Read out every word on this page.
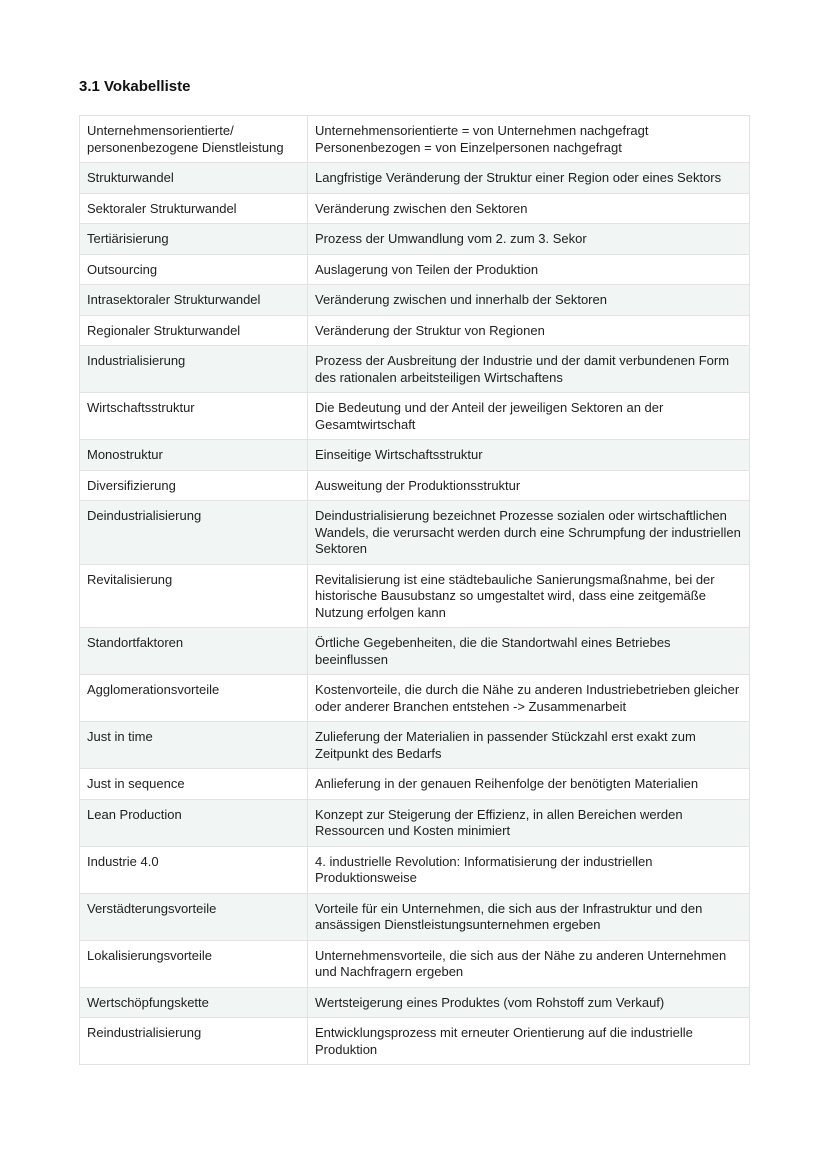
3.1 Vokabelliste
Unternehmensorientierte/ personenbezogene Dienstleistung	Unternehmensorientierte = von Unternehmen nachgefragt Personenbezogen = von Einzelpersonen nachgefragt
Strukturwandel	Langfristige Veränderung der Struktur einer Region oder eines Sektors
Sektoraler Strukturwandel	Veränderung zwischen den Sektoren
Tertiärisierung	Prozess der Umwandlung vom 2. zum 3. Sekor
Outsourcing	Auslagerung von Teilen der Produktion
Intrasektoraler Strukturwandel	Veränderung zwischen und innerhalb der Sektoren
Regionaler Strukturwandel	Veränderung der Struktur von Regionen
Industrialisierung	Prozess der Ausbreitung der Industrie und der damit verbundenen Form des rationalen arbeitsteiligen Wirtschaftens
Wirtschaftsstruktur	Die Bedeutung und der Anteil der jeweiligen Sektoren an der Gesamtwirtschaft
Monostruktur	Einseitige Wirtschaftsstruktur
Diversifizierung	Ausweitung der Produktionsstruktur
Deindustrialisierung	Deindustrialisierung bezeichnet Prozesse sozialen oder wirtschaftlichen Wandels, die verursacht werden durch eine Schrumpfung der industriellen Sektoren
Revitalisierung	Revitalisierung ist eine städtebauliche Sanierungsmaßnahme, bei der historische Bausubstanz so umgestaltet wird, dass eine zeitgemäße Nutzung erfolgen kann
Standortfaktoren	Örtliche Gegebenheiten, die die Standortwahl eines Betriebes beeinflussen
Agglomerationsvorteile	Kostenvorteile, die durch die Nähe zu anderen Industriebetrieben gleicher oder anderer Branchen entstehen -> Zusammenarbeit
Just in time	Zulieferung der Materialien in passender Stückzahl erst exakt zum Zeitpunkt des Bedarfs
Just in sequence	Anlieferung in der genauen Reihenfolge der benötigten Materialien
Lean Production	Konzept zur Steigerung der Effizienz, in allen Bereichen werden Ressourcen und Kosten minimiert
Industrie 4.0	4. industrielle Revolution: Informatisierung der industriellen Produktionsweise
Verstädterungsvorteile	Vorteile für ein Unternehmen, die sich aus der Infrastruktur und den ansässigen Dienstleistungsunternehmen ergeben
Lokalisierungsvorteile	Unternehmensvorteile, die sich aus der Nähe zu anderen Unternehmen und Nachfragern ergeben
Wertschöpfungskette	Wertsteigerung eines Produktes (vom Rohstoff zum Verkauf)
Reindustrialisierung	Entwicklungsprozess mit erneuter Orientierung auf die industrielle Produktion
